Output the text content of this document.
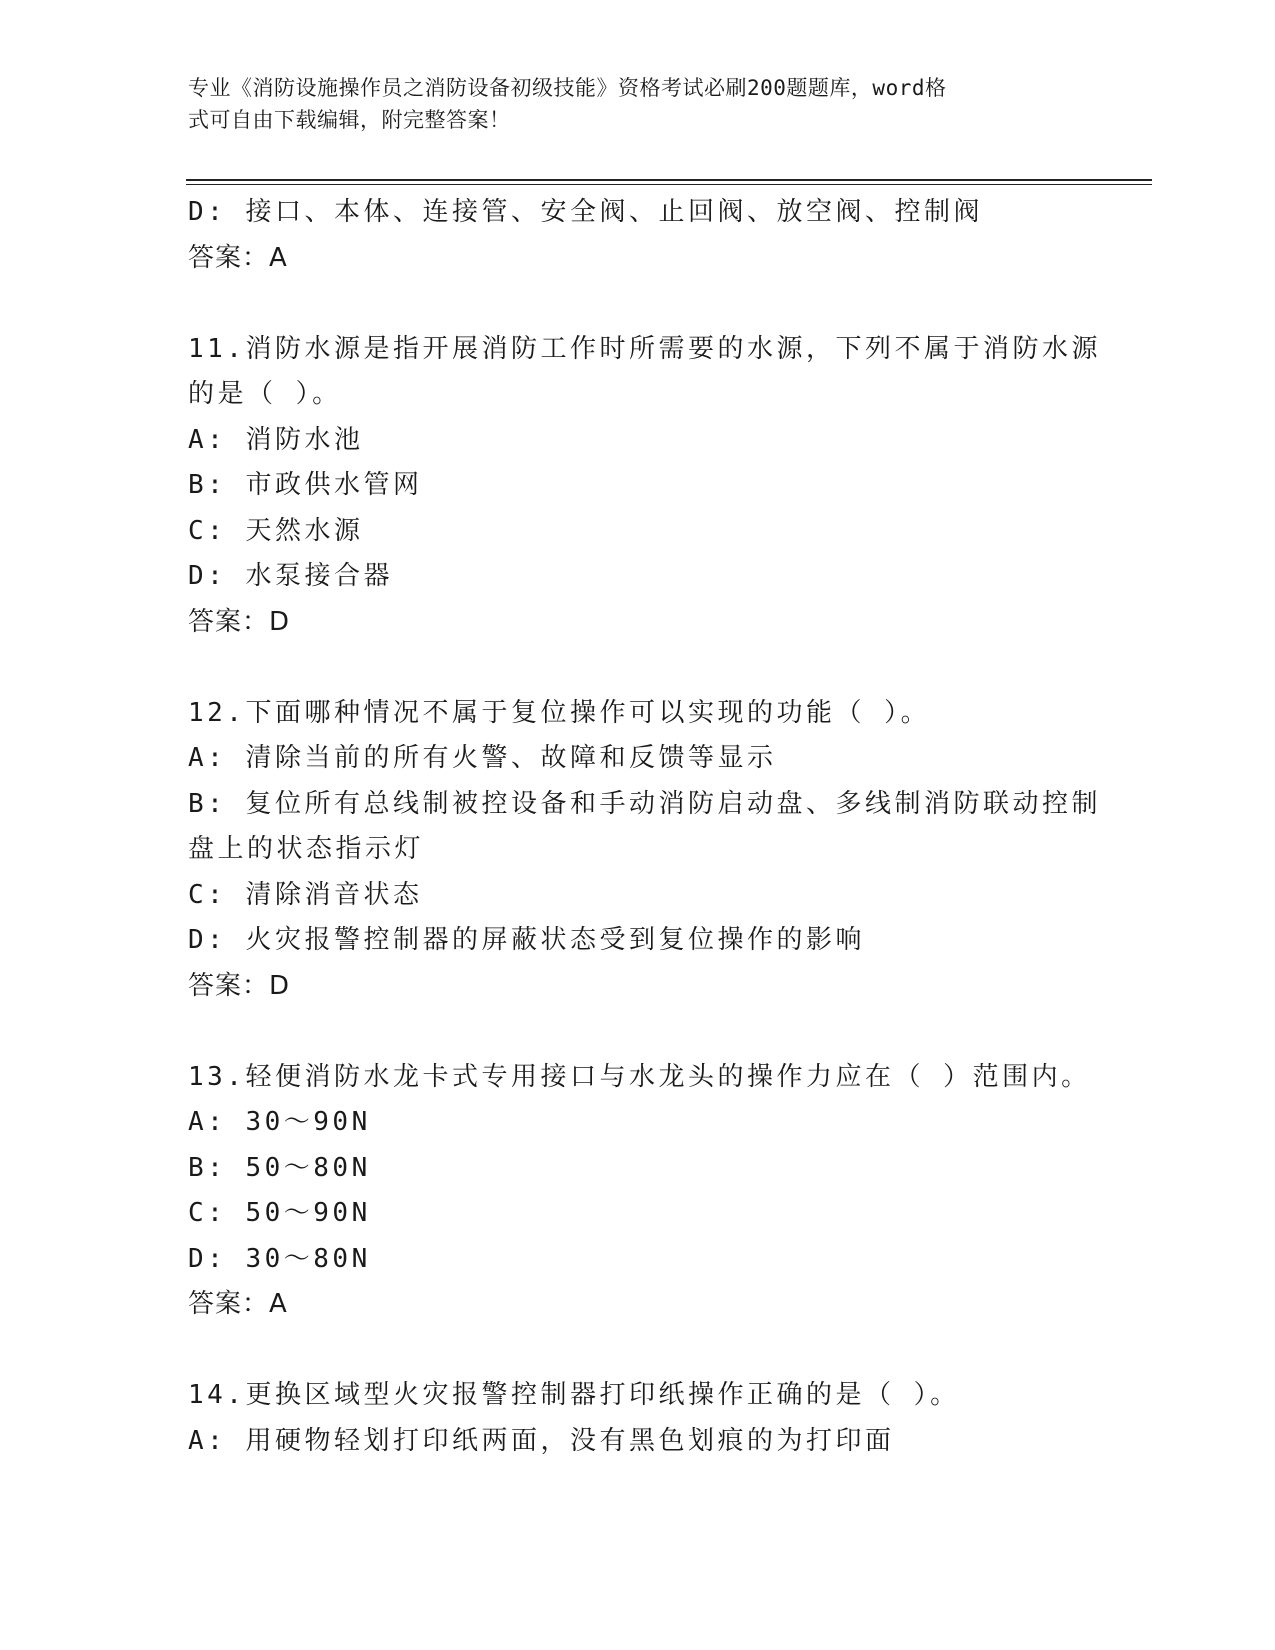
专业《消防设施操作员之消防设备初级技能》资格考试必刷200题题库，word格
式可自由下载编辑，附完整答案！
D: 接口、本体、连接管、安全阀、止回阀、放空阀、控制阀
答案：A
11.消防水源是指开展消防工作时所需要的水源，下列不属于消防水源
的是（ ）。
A: 消防水池
B: 市政供水管网
C: 天然水源
D: 水泵接合器
答案：D
12.下面哪种情况不属于复位操作可以实现的功能（ ）。
A: 清除当前的所有火警、故障和反馈等显示
B: 复位所有总线制被控设备和手动消防启动盘、多线制消防联动控制
盘上的状态指示灯
C: 清除消音状态
D: 火灾报警控制器的屏蔽状态受到复位操作的影响
答案：D
13.轻便消防水龙卡式专用接口与水龙头的操作力应在（ ）范围内。
A: 30～90N
B: 50～80N
C: 50～90N
D: 30～80N
答案：A
14.更换区域型火灾报警控制器打印纸操作正确的是（ ）。
A: 用硬物轻划打印纸两面，没有黑色划痕的为打印面
